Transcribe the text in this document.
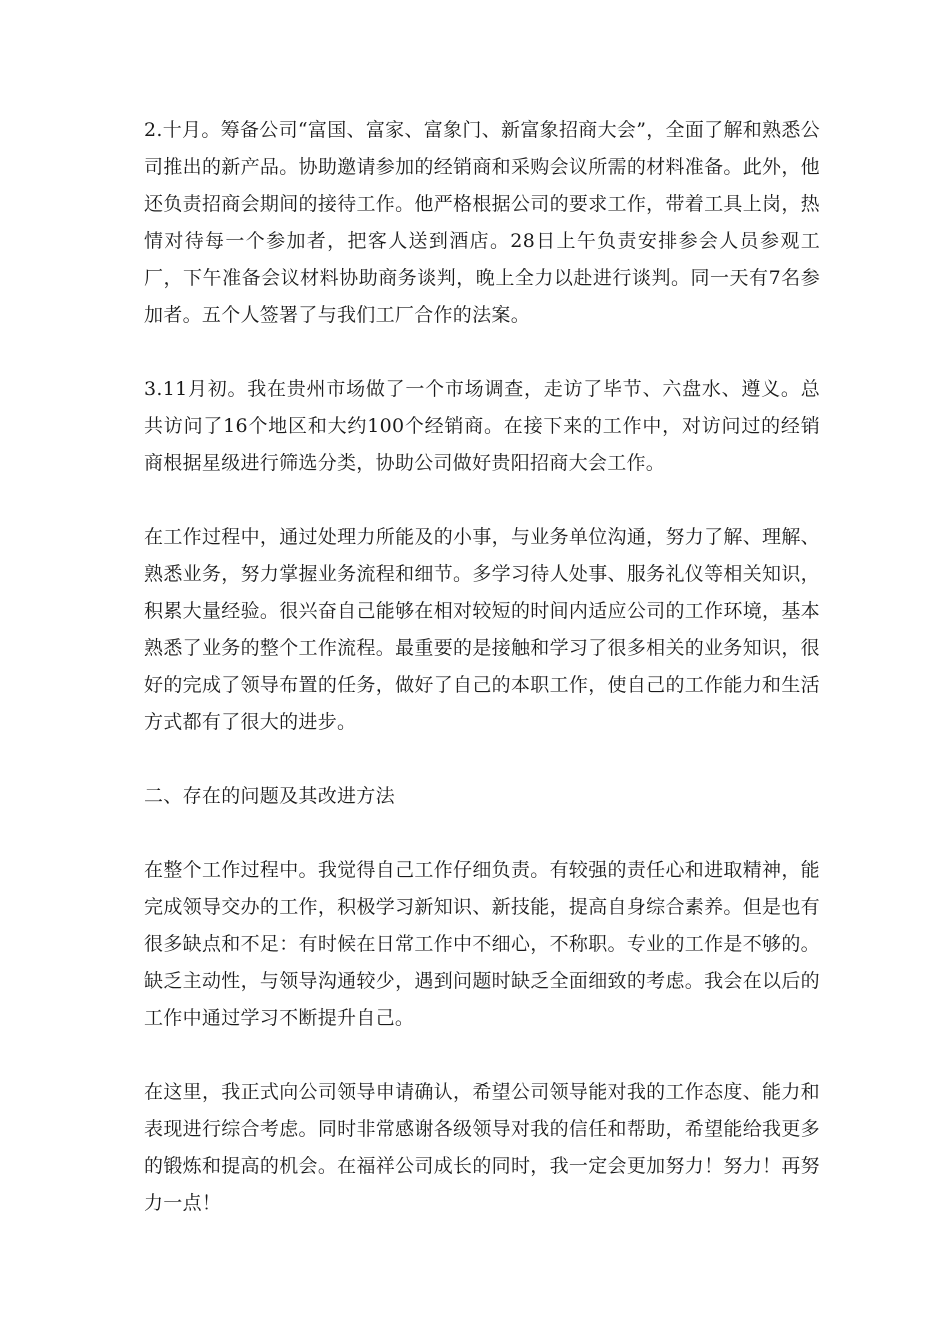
2.十月。筹备公司“富国、富家、富象门、新富象招商大会”，全面了解和熟悉公司推出的新产品。协助邀请参加的经销商和采购会议所需的材料准备。此外，他还负责招商会期间的接待工作。他严格根据公司的要求工作，带着工具上岗，热情对待每一个参加者，把客人送到酒店。28日上午负责安排参会人员参观工厂，下午准备会议材料协助商务谈判，晚上全力以赴进行谈判。同一天有7名参加者。五个人签署了与我们工厂合作的法案。

3.11月初。我在贵州市场做了一个市场调查，走访了毕节、六盘水、遵义。总共访问了16个地区和大约100个经销商。在接下来的工作中，对访问过的经销商根据星级进行筛选分类，协助公司做好贵阳招商大会工作。

在工作过程中，通过处理力所能及的小事，与业务单位沟通，努力了解、理解、熟悉业务，努力掌握业务流程和细节。多学习待人处事、服务礼仪等相关知识，积累大量经验。很兴奋自己能够在相对较短的时间内适应公司的工作环境，基本熟悉了业务的整个工作流程。最重要的是接触和学习了很多相关的业务知识，很好的完成了领导布置的任务，做好了自己的本职工作，使自己的工作能力和生活方式都有了很大的进步。

二、存在的问题及其改进方法

在整个工作过程中。我觉得自己工作仔细负责。有较强的责任心和进取精神，能完成领导交办的工作，积极学习新知识、新技能，提高自身综合素养。但是也有很多缺点和不足：有时候在日常工作中不细心，不称职。专业的工作是不够的。缺乏主动性，与领导沟通较少，遇到问题时缺乏全面细致的考虑。我会在以后的工作中通过学习不断提升自己。

在这里，我正式向公司领导申请确认，希望公司领导能对我的工作态度、能力和表现进行综合考虑。同时非常感谢各级领导对我的信任和帮助，希望能给我更多的锻炼和提高的机会。在福祥公司成长的同时，我一定会更加努力！努力！再努力一点！
